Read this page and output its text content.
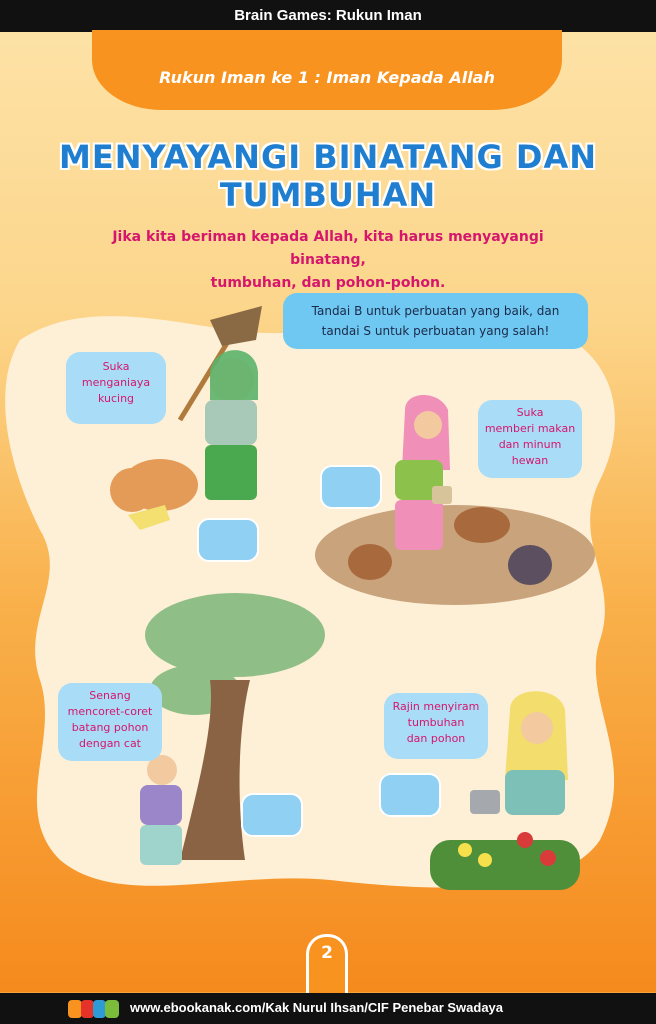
Brain Games: Rukun Iman
Rukun Iman ke 1 : Iman Kepada Allah
MENYAYANGI BINATANG DAN
TUMBUHAN
Jika kita beriman kepada Allah, kita harus menyayangi binatang,
tumbuhan, dan pohon-pohon.
Tandai B untuk perbuatan yang baik, dan
tandai S untuk perbuatan yang salah!
Suka
menganiaya
kucing
Suka
memberi makan
dan minum
hewan
Senang
mencoret-coret
batang pohon
dengan cat
Rajin menyiram
tumbuhan
dan pohon
2
www.ebookanak.com/Kak Nurul Ihsan/CIF Penebar Swadaya
